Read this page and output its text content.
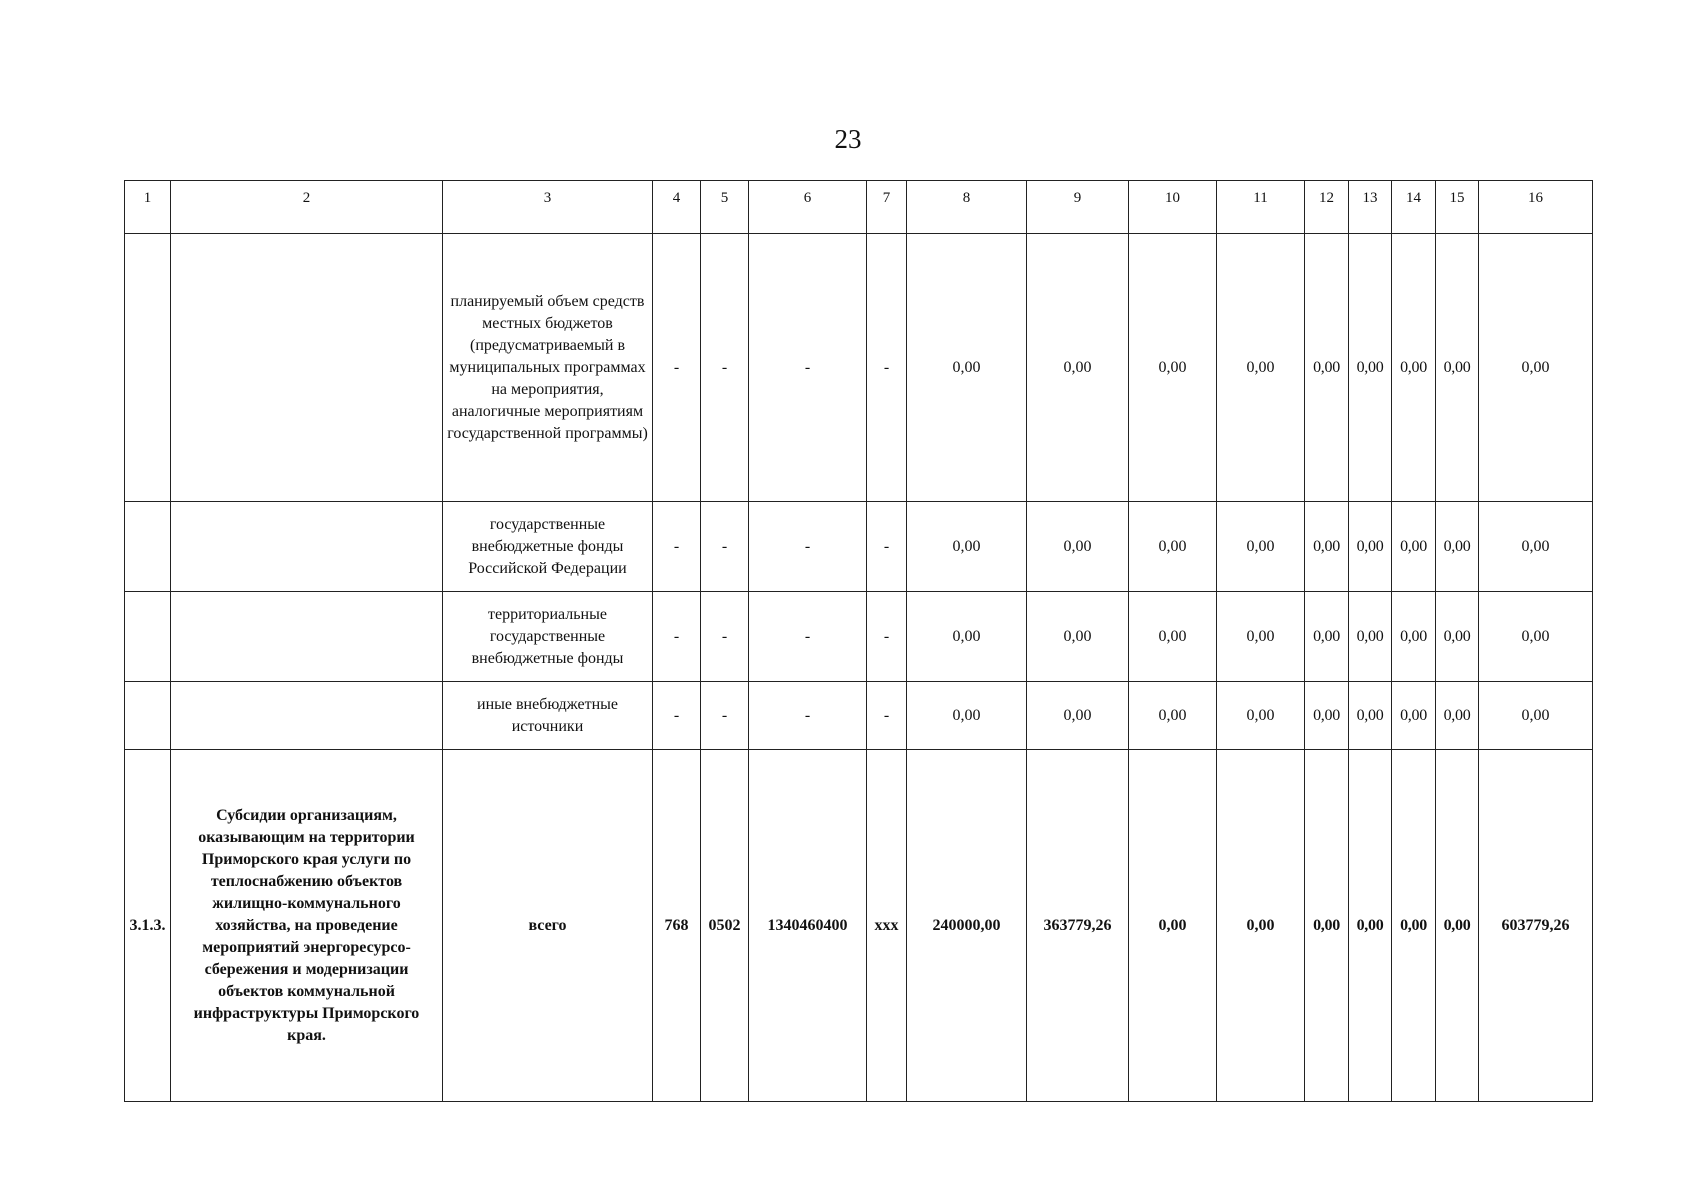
23
1	2	3	4	5	6	7	8	9	10	11	12	13	14	15	16
		планируемый объем средств местных бюджетов (предусматриваемый в муниципальных программах на мероприятия, аналогичные мероприятиям государственной программы)	-	-	-	-	0,00	0,00	0,00	0,00	0,00	0,00	0,00	0,00	0,00
		государственные внебюджетные фонды Российской Федерации	-	-	-	-	0,00	0,00	0,00	0,00	0,00	0,00	0,00	0,00	0,00
		территориальные государственные внебюджетные фонды	-	-	-	-	0,00	0,00	0,00	0,00	0,00	0,00	0,00	0,00	0,00
		иные внебюджетные источники	-	-	-	-	0,00	0,00	0,00	0,00	0,00	0,00	0,00	0,00	0,00
3.1.3.	Субсидии организациям, оказывающим на территории Приморского края услуги по теплоснабжению объектов жилищно-коммунального хозяйства, на проведение мероприятий энергоресурсо-сбережения и модернизации объектов коммунальной инфраструктуры Приморского края.	всего	768	0502	1340460400	ххх	240000,00	363779,26	0,00	0,00	0,00	0,00	0,00	0,00	603779,26
